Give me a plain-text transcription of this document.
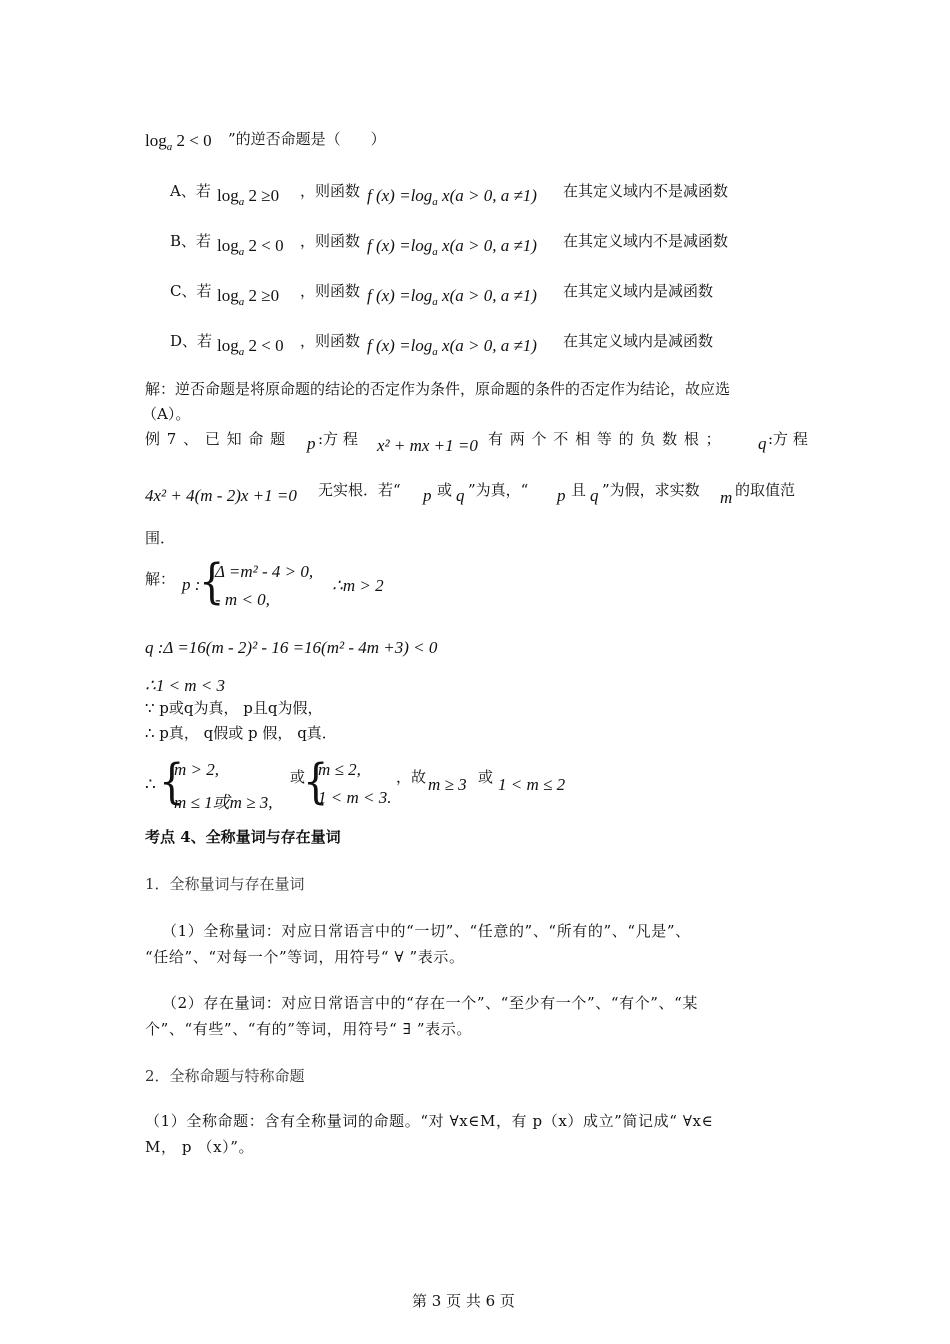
$\log_a 2 < 0$ ”的逆否命题是（　　）
A、若 $\log_a 2 \ge 0$ ，则函数 f $(x) =\log_a$ x(a > 0, a ≠1) 在其定义域内不是减函数
B、若 $\log_a 2 < 0$ ，则函数 f $(x) =\log_a$ x(a > 0, a ≠1) 在其定义域内不是减函数
C、若 $\log_a 2 \ge 0$ ，则函数 f $(x) =\log_a$ x(a > 0, a ≠1) 在其定义域内是减函数
D、若 $\log_a 2 < 0$ ，则函数 f $(x) =\log_a$ x(a > 0, a ≠1) 在其定义域内是减函数
解：逆否命题是将原命题的结论的否定作为条件，原命题的条件的否定作为结论，故应选
（A）。
例 7 、 已 知 命 题 p :方 程 x² + mx +1 =0 有 两 个 不 相 等 的 负 数 根 ； q :方 程
4x² + 4(m - 2)x +1 =0 无实根．若“ p 或 q ”为真，“ p 且 q ”为假，求实数 m 的取值范
围．
解： p :
{
Δ =m² - 4 > 0,
- m < 0,
∴m > 2
q :Δ =16(m - 2)² - 16 =16(m² - 4m +3) < 0
∴1 < m < 3
∵ p或q为真， p且q为假，
∴ p真， q假或 p 假， q真．
∴ {
m > 2,
m ≤ 1或m ≥ 3,
或
{
m ≤ 2,
1 < m < 3.
，故 m ≥ 3 或 1 < m ≤ 2
考点 4、全称量词与存在量词
1．全称量词与存在量词
（1）全称量词：对应日常语言中的“一切”、“任意的”、“所有的”、“凡是”、
“任给”、“对每一个”等词，用符号“ ∀ ”表示。
（2）存在量词：对应日常语言中的“存在一个”、“至少有一个”、“有个”、“某
个”、“有些”、“有的”等词，用符号“ ∃ ”表示。
2．全称命题与特称命题
（1）全称命题：含有全称量词的命题。“对 ∀x∈M，有 p（x）成立”简记成“ ∀x∈
M， p （x）”。
第 3 页 共 6 页
